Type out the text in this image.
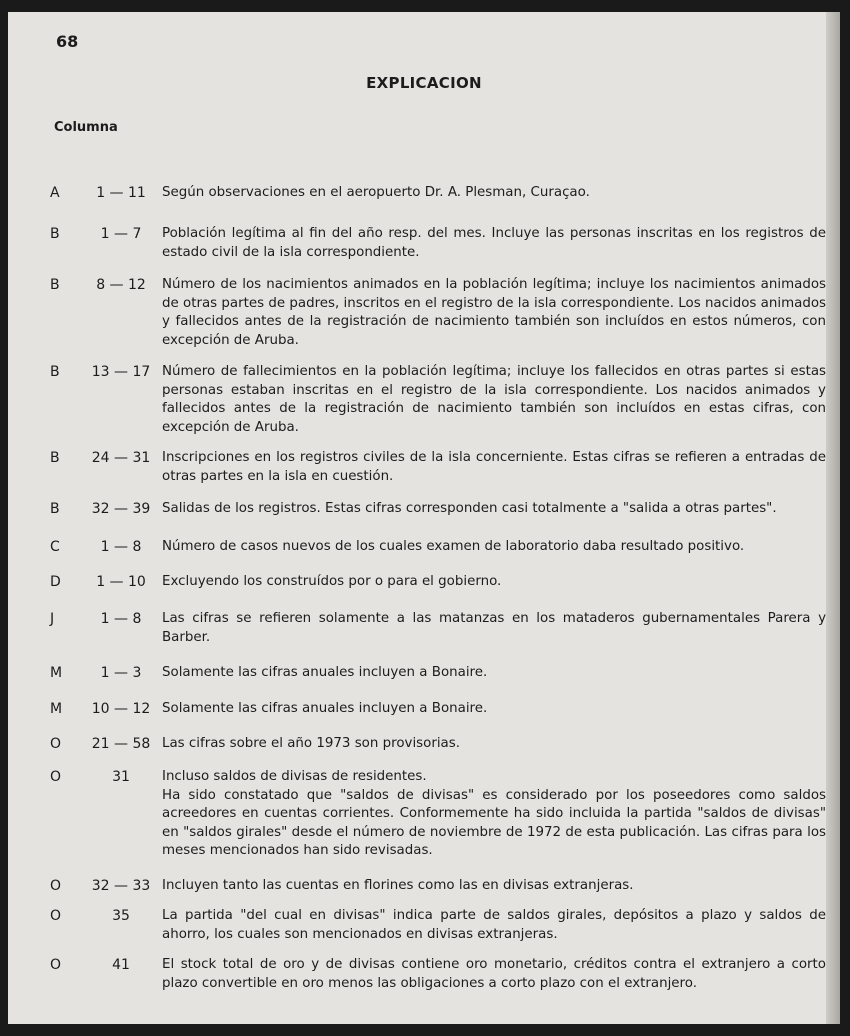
68
EXPLICACION
Columna
A	1 — 11	Según observaciones en el aeropuerto Dr. A. Plesman, Curaçao.

B	1 — 7	Población legítima al fin del año resp. del mes. Incluye las personas inscritas en los registros de estado civil de la isla correspondiente.

B	8 — 12	Número de los nacimientos animados en la población legítima; incluye los nacimientos animados de otras partes de padres, inscritos en el registro de la isla correspondiente. Los nacidos animados y fallecidos antes de la registración de nacimiento también son incluídos en estos números, con excepción de Aruba.

B	13 — 17 Número de fallecimientos en la población legítima; incluye los fallecidos en otras partes si estas personas estaban inscritas en el registro de la isla correspondiente. Los nacidos animados y fallecidos antes de la registración de nacimiento también son incluídos en estas cifras, con excepción de Aruba.

B	24 — 31 Inscripciones en los registros civiles de la isla concerniente. Estas cifras se refieren a entradas de otras partes en la isla en cuestión.

B	32 — 39 Salidas de los registros. Estas cifras corresponden casi totalmente a "salida a otras partes".

C	1 — 8	Número de casos nuevos de los cuales examen de laboratorio daba resultado positivo.

D	1 — 10	Excluyendo los construídos por o para el gobierno.

J	1 — 8	Las cifras se refieren solamente a las matanzas en los mataderos gubernamentales Parera y Barber.

M	1 — 3	Solamente las cifras anuales incluyen a Bonaire.

M	10 — 12 Solamente las cifras anuales incluyen a Bonaire.

O	21 — 58 Las cifras sobre el año 1973 son provisorias.

O	31	Incluso saldos de divisas de residentes.

Ha sido constatado que "saldos de divisas" es considerado por los poseedores como saldos acreedores en cuentas corrientes. Conformemente ha sido incluida la partida "saldos de divisas" en "saldos girales" desde el número de noviembre de 1972 de esta publicación. Las cifras para los meses mencionados han sido revisadas.

O	32 — 33 Incluyen tanto las cuentas en florines como las en divisas extranjeras.

O	35	La partida "del cual en divisas" indica parte de saldos girales, depósitos a plazo y saldos de ahorro, los cuales son mencionados en divisas extranjeras.

O	41	El stock total de oro y de divisas contiene oro monetario, créditos contra el extranjero a corto plazo convertible en oro menos las obligaciones a corto plazo con el extranjero.
